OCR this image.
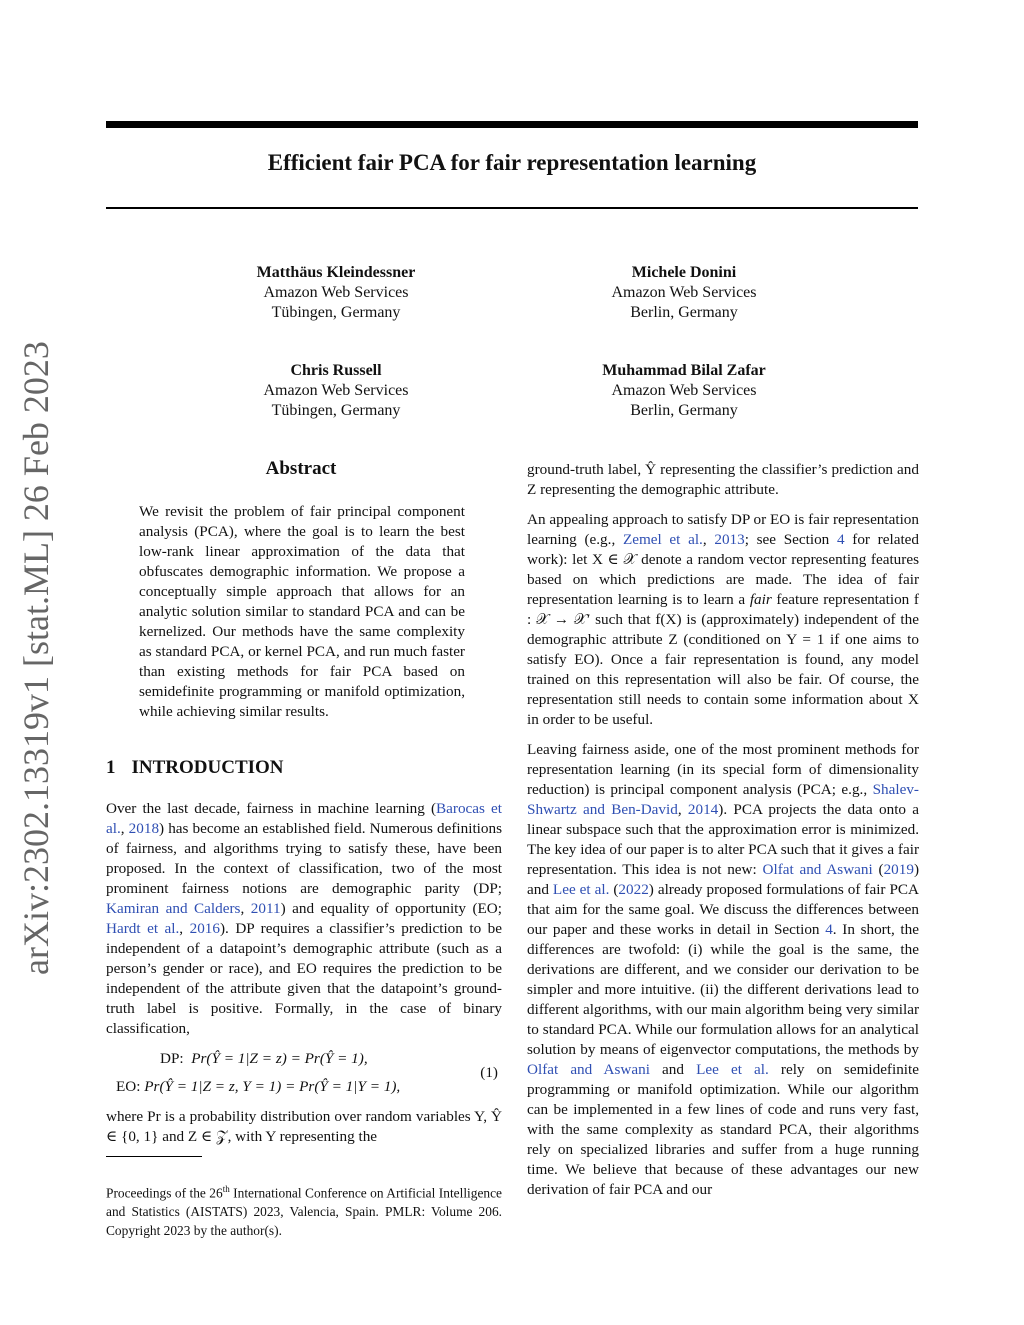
arXiv:2302.13319v1 [stat.ML] 26 Feb 2023
Efficient fair PCA for fair representation learning
Matthäus Kleindessner
Amazon Web Services
Tübingen, Germany
Michele Donini
Amazon Web Services
Berlin, Germany
Chris Russell
Amazon Web Services
Tübingen, Germany
Muhammad Bilal Zafar
Amazon Web Services
Berlin, Germany
Abstract
We revisit the problem of fair principal component analysis (PCA), where the goal is to learn the best low-rank linear approximation of the data that obfuscates demographic information. We propose a conceptually simple approach that allows for an analytic solution similar to standard PCA and can be kernelized. Our methods have the same complexity as standard PCA, or kernel PCA, and run much faster than existing methods for fair PCA based on semidefinite programming or manifold optimization, while achieving similar results.
1 INTRODUCTION

Over the last decade, fairness in machine learning (Barocas et al., 2018) has become an established field. Numerous definitions of fairness, and algorithms trying to satisfy these, have been proposed. In the context of classification, two of the most prominent fairness notions are demographic parity (DP; Kamiran and Calders, 2011) and equality of opportunity (EO; Hardt et al., 2016). DP requires a classifier’s prediction to be independent of a datapoint’s demographic attribute (such as a person’s gender or race), and EO requires the prediction to be independent of the attribute given that the datapoint’s ground-truth label is positive. Formally, in the case of binary classification,

DP: Pr(Ŷ = 1|Z = z) = Pr(Ŷ = 1),
EO: Pr(Ŷ = 1|Z = z, Y = 1) = Pr(Ŷ = 1|Y = 1),
(1)

where Pr is a probability distribution over random variables Y, Ŷ ∈ {0, 1} and Z ∈ 𝒵, with Y representing the

Proceedings of the 26th International Conference on Artificial Intelligence and Statistics (AISTATS) 2023, Valencia, Spain. PMLR: Volume 206. Copyright 2023 by the author(s).

ground-truth label, Ŷ representing the classifier’s prediction and Z representing the demographic attribute.

An appealing approach to satisfy DP or EO is fair representation learning (e.g., Zemel et al., 2013; see Section 4 for related work): let X ∈ 𝒳 denote a random vector representing features based on which predictions are made. The idea of fair representation learning is to learn a fair feature representation f : 𝒳 → 𝒳′ such that f(X) is (approximately) independent of the demographic attribute Z (conditioned on Y = 1 if one aims to satisfy EO). Once a fair representation is found, any model trained on this representation will also be fair. Of course, the representation still needs to contain some information about X in order to be useful.

Leaving fairness aside, one of the most prominent methods for representation learning (in its special form of dimensionality reduction) is principal component analysis (PCA; e.g., Shalev-Shwartz and Ben-David, 2014). PCA projects the data onto a linear subspace such that the approximation error is minimized. The key idea of our paper is to alter PCA such that it gives a fair representation. This idea is not new: Olfat and Aswani (2019) and Lee et al. (2022) already proposed formulations of fair PCA that aim for the same goal. We discuss the differences between our paper and these works in detail in Section 4. In short, the differences are twofold: (i) while the goal is the same, the derivations are different, and we consider our derivation to be simpler and more intuitive. (ii) the different derivations lead to different algorithms, with our main algorithm being very similar to standard PCA. While our formulation allows for an analytical solution by means of eigenvector computations, the methods by Olfat and Aswani and Lee et al. rely on semidefinite programming or manifold optimization. While our algorithm can be implemented in a few lines of code and runs very fast, with the same complexity as standard PCA, their algorithms rely on specialized libraries and suffer from a huge running time. We believe that because of these advantages our new derivation of fair PCA and our
